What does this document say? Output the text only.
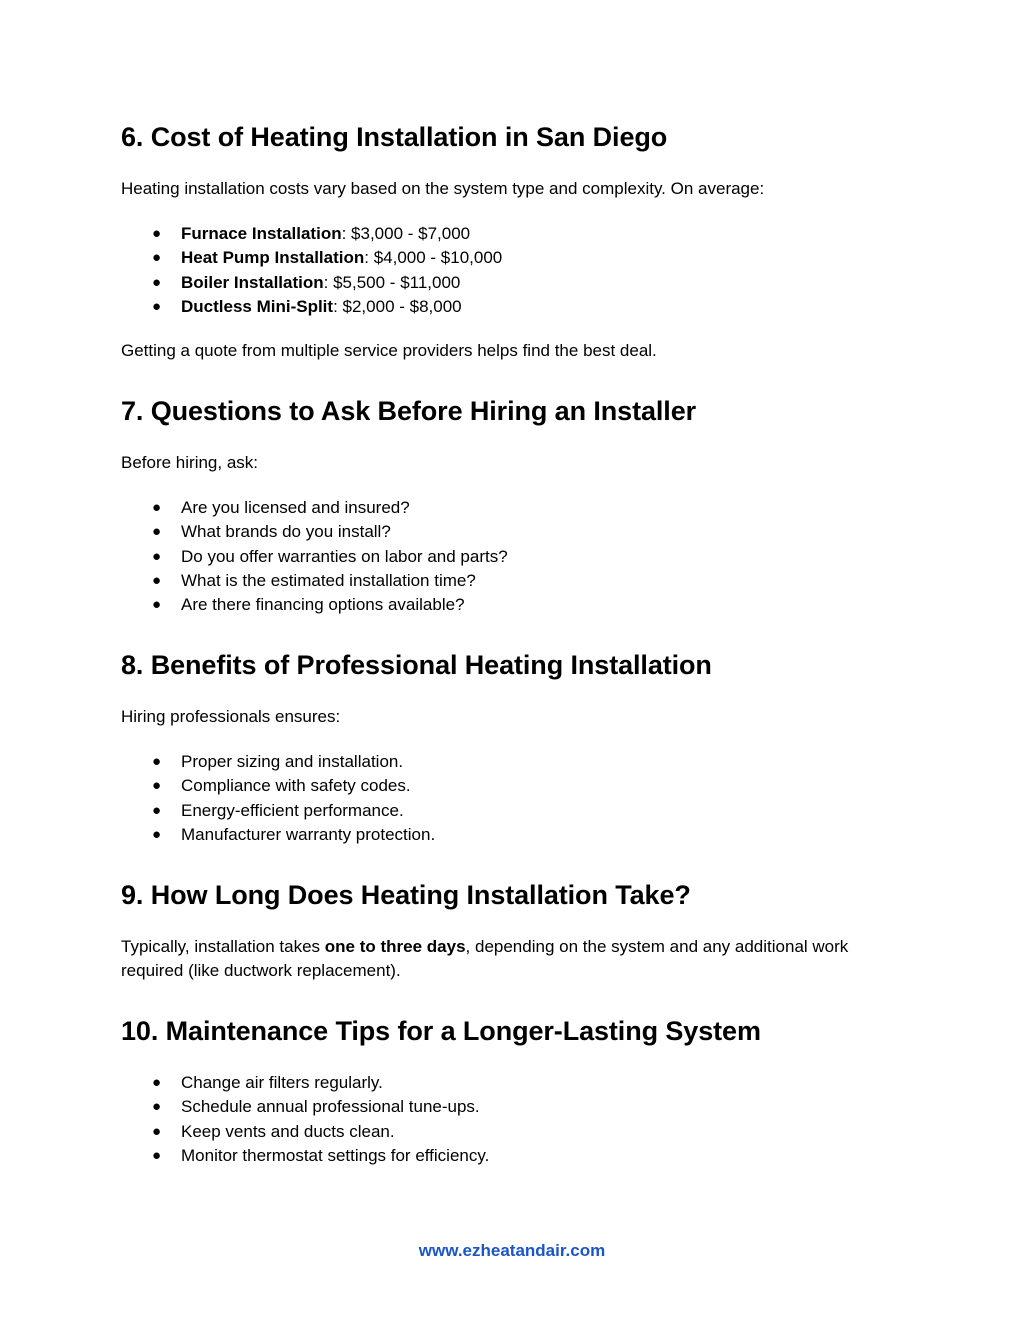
6. Cost of Heating Installation in San Diego

Heating installation costs vary based on the system type and complexity. On average:

● Furnace Installation: $3,000 - $7,000
● Heat Pump Installation: $4,000 - $10,000
● Boiler Installation: $5,500 - $11,000
● Ductless Mini-Split: $2,000 - $8,000

Getting a quote from multiple service providers helps find the best deal.

7. Questions to Ask Before Hiring an Installer

Before hiring, ask:

● Are you licensed and insured?
● What brands do you install?
● Do you offer warranties on labor and parts?
● What is the estimated installation time?
● Are there financing options available?
8. Benefits of Professional Heating Installation

Hiring professionals ensures:

● Proper sizing and installation.
● Compliance with safety codes.
● Energy-efficient performance.
● Manufacturer warranty protection.
9. How Long Does Heating Installation Take?

Typically, installation takes one to three days, depending on the system and any additional work required (like ductwork replacement).

10. Maintenance Tips for a Longer-Lasting System
● Change air filters regularly.
● Schedule annual professional tune-ups.
● Keep vents and ducts clean.
● Monitor thermostat settings for efficiency.
www.ezheatandair.com
